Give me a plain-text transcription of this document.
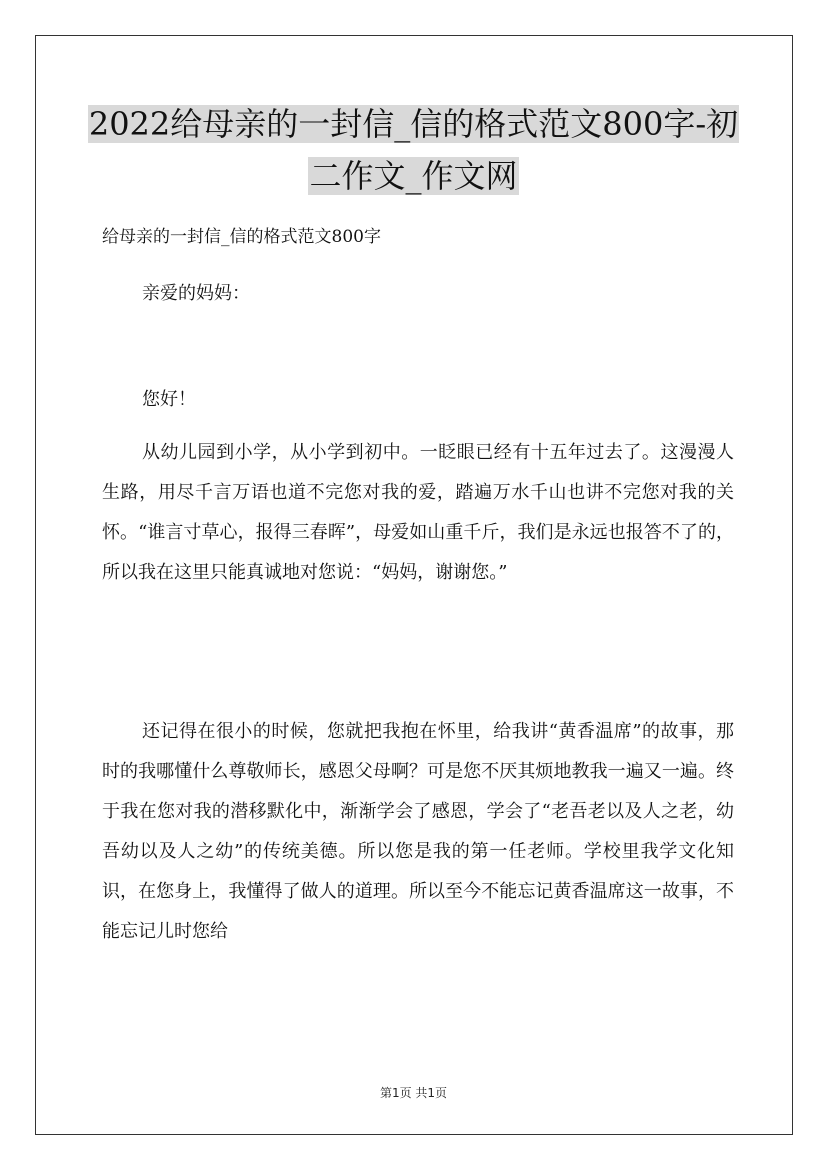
2022给母亲的一封信_信的格式范文800字-初
二作文_作文网
给母亲的一封信_信的格式范文800字

亲爱的妈妈：

您好！

从幼儿园到小学，从小学到初中。一眨眼已经有十五年过去了。这漫漫人生路，用尽千言万语也道不完您对我的爱，踏遍万水千山也讲不完您对我的关怀。“谁言寸草心，报得三春晖”，母爱如山重千斤，我们是永远也报答不了的，所以我在这里只能真诚地对您说：“妈妈，谢谢您。”

还记得在很小的时候，您就把我抱在怀里，给我讲“黄香温席”的故事，那时的我哪懂什么尊敬师长，感恩父母啊？可是您不厌其烦地教我一遍又一遍。终于我在您对我的潜移默化中，渐渐学会了感恩，学会了“老吾老以及人之老，幼吾幼以及人之幼”的传统美德。所以您是我的第一任老师。学校里我学文化知识，在您身上，我懂得了做人的道理。所以至今不能忘记黄香温席这一故事，不能忘记儿时您给

第1页 共1页
